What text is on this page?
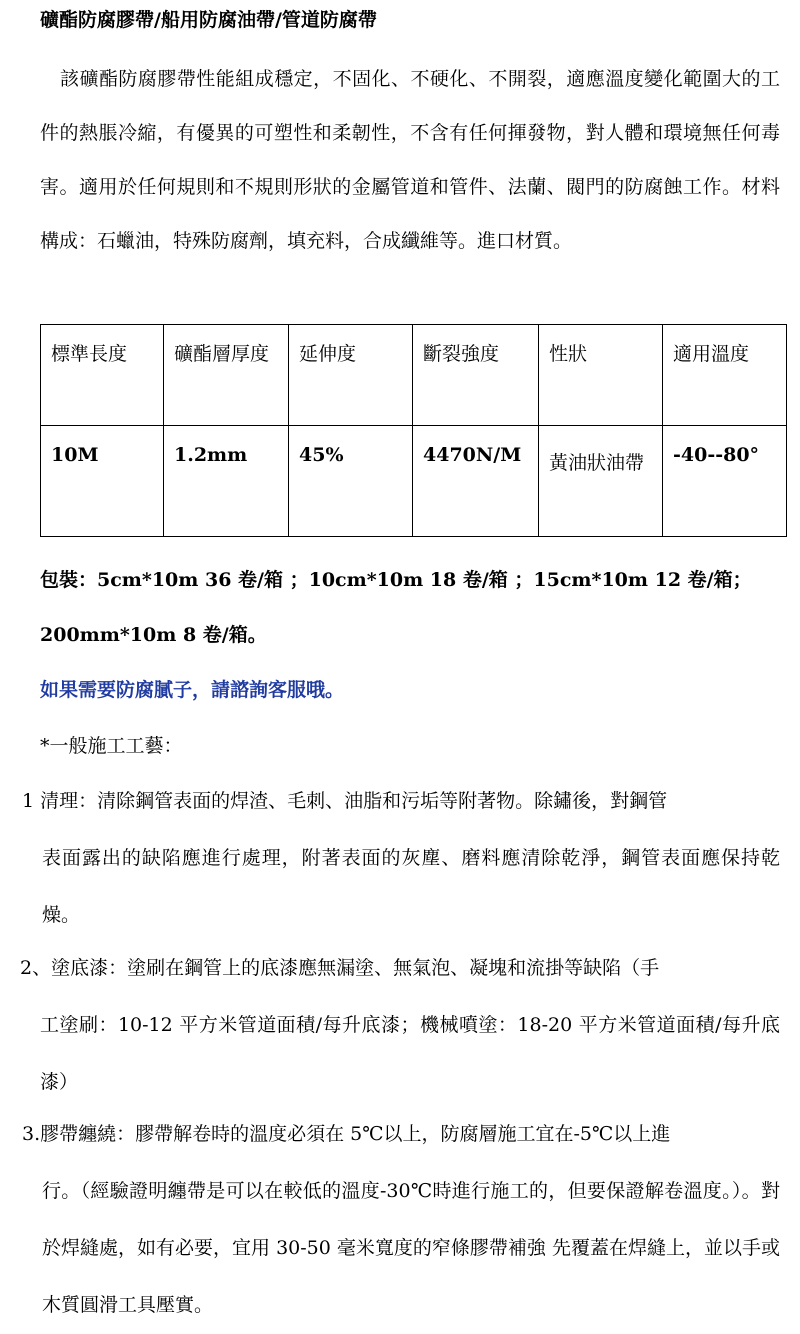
礦酯防腐膠帶/船用防腐油帶/管道防腐帶
該礦酯防腐膠帶性能組成穩定，不固化、不硬化、不開裂，適應溫度變化範圍大的工件的熱脹冷縮，有優異的可塑性和柔韌性，不含有任何揮發物，對人體和環境無任何毒害。適用於任何規則和不規則形狀的金屬管道和管件、法蘭、閥門的防腐蝕工作。材料構成：石蠟油，特殊防腐劑，填充料，合成纖維等。進口材質。
標準長度	礦酯層厚度	延伸度	斷裂強度	性狀	適用溫度
10M	1.2mm	45%	4470N/M	黃油狀油帶	-40--80°
包裝：5cm*10m 36 卷/箱 ；10cm*10m 18 卷/箱 ；15cm*10m 12 卷/箱；
200mm*10m 8 卷/箱。
如果需要防腐膩子，請諮詢客服哦。
*一般施工工藝：
1 清理：清除鋼管表面的焊渣、毛刺、油脂和污垢等附著物。除鏽後，對鋼管
表面露出的缺陷應進行處理，附著表面的灰塵、磨料應清除乾淨，鋼管表面應保持乾燥。
2、塗底漆：塗刷在鋼管上的底漆應無漏塗、無氣泡、凝塊和流掛等缺陷（手
工塗刷：10-12 平方米管道面積/每升底漆；機械噴塗：18-20 平方米管道面積/每升底漆）
3.膠帶纏繞：膠帶解卷時的溫度必須在 5℃以上，防腐層施工宜在-5℃以上進
行。（經驗證明纏帶是可以在較低的溫度-30℃時進行施工的，但要保證解卷溫度。）。對於焊縫處，如有必要，宜用 30-50 毫米寬度的窄條膠帶補強 先覆蓋在焊縫上，並以手或木質圓滑工具壓實。
